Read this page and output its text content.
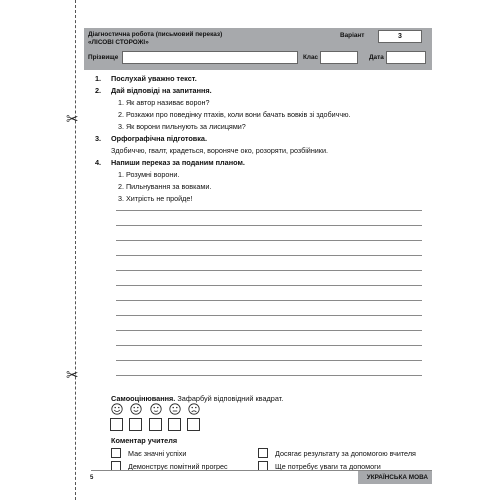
✂
✂
Діагностична робота (письмовий переказ)
«ЛІСОВІ СТОРОЖІ»
Варіант	3
Прізвище	Клас	Дата
1. Послухай уважно текст.
2. Дай відповіді на запитання.
1. Як автор називає ворон?
2. Розкажи про поведінку птахів, коли вони бачать вовків зі здобиччю.
3. Як ворони пильнують за лисицями?
3. Орфографічна підготовка.
Здобиччю, гвалт, крадеться, вороняче око, розоряти, розбійники.
4. Напиши переказ за поданим планом.
1. Розумні ворони.
2. Пильнування за вовками.
3. Хитрість не пройде!
Самооцінювання. Зафарбуй відповідний квадрат.
Коментар учителя
Має значні успіхи
Демонструє помітний прогрес
Досягає результату за допомогою вчителя
Ще потребує уваги та допомоги
5	УКРАЇНСЬКА МОВА
